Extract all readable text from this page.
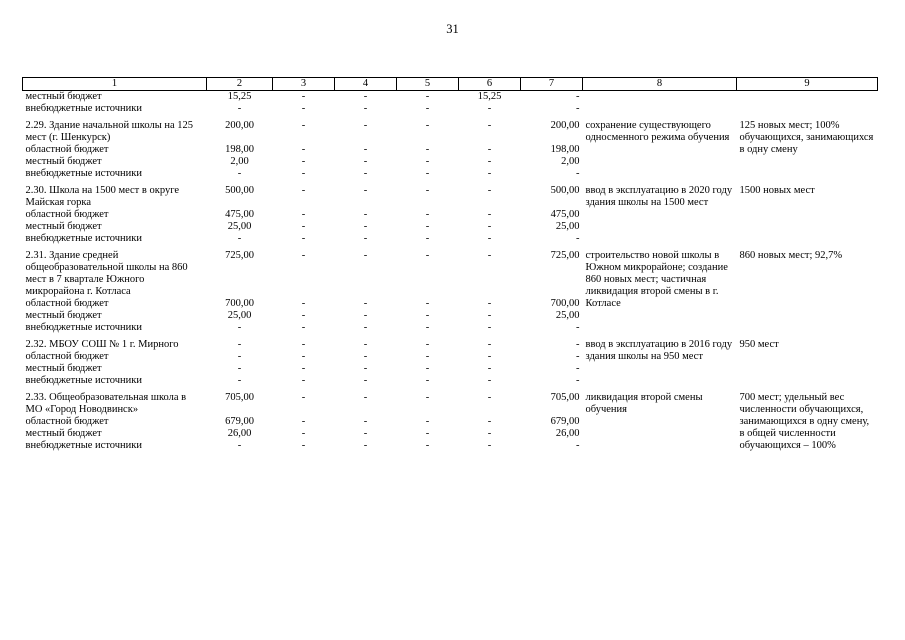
31
1	2	3	4	5	6	7	8	9
местный бюджет	15,25	-	-	-	15,25	-		
внебюджетные источники	-	-	-	-	-	-		
2.29. Здание начальной школы на 125 мест (г. Шенкурск)	200,00	-	-	-	-	200,00	сохранение существующего односменного режима обучения	125 новых мест; 100% обучающихся, занимающихся в одну смену
областной бюджет	198,00	-	-	-	-	198,00		
местный бюджет	2,00	-	-	-	-	2,00		
внебюджетные источники	-	-	-	-	-	-		
2.30. Школа на 1500 мест в округе Майская горка	500,00	-	-	-	-	500,00	ввод в эксплуатацию в 2020 году здания школы на 1500 мест	1500 новых мест
областной бюджет	475,00	-	-	-	-	475,00		
местный бюджет	25,00	-	-	-	-	25,00		
внебюджетные источники	-	-	-	-	-	-		
2.31. Здание средней общеобразовательной школы на 860 мест в 7 квартале Южного микрорайона г. Котласа	725,00	-	-	-	-	725,00	строительство новой школы в Южном микрорайоне; создание 860 новых мест; частичная ликвидация второй смены в г. Котласе	860 новых мест; 92,7%
областной бюджет	700,00	-	-	-	-	700,00		
местный бюджет	25,00	-	-	-	-	25,00		
внебюджетные источники	-	-	-	-	-	-		
2.32. МБОУ СОШ № 1 г. Мирного	-	-	-	-	-	-	ввод в эксплуатацию в 2016 году здания школы на 950 мест	950 мест
областной бюджет	-	-	-	-	-	-		
местный бюджет	-	-	-	-	-	-		
внебюджетные источники	-	-	-	-	-	-		
2.33. Общеобразовательная школа в МО «Город Новодвинск»	705,00	-	-	-	-	705,00	ликвидация второй смены обучения	700 мест; удельный вес численности обучающихся, занимающихся в одну смену, в общей численности обучающихся – 100%
областной бюджет	679,00	-	-	-	-	679,00		
местный бюджет	26,00	-	-	-	-	26,00		
внебюджетные источники	-	-	-	-	-	-		
